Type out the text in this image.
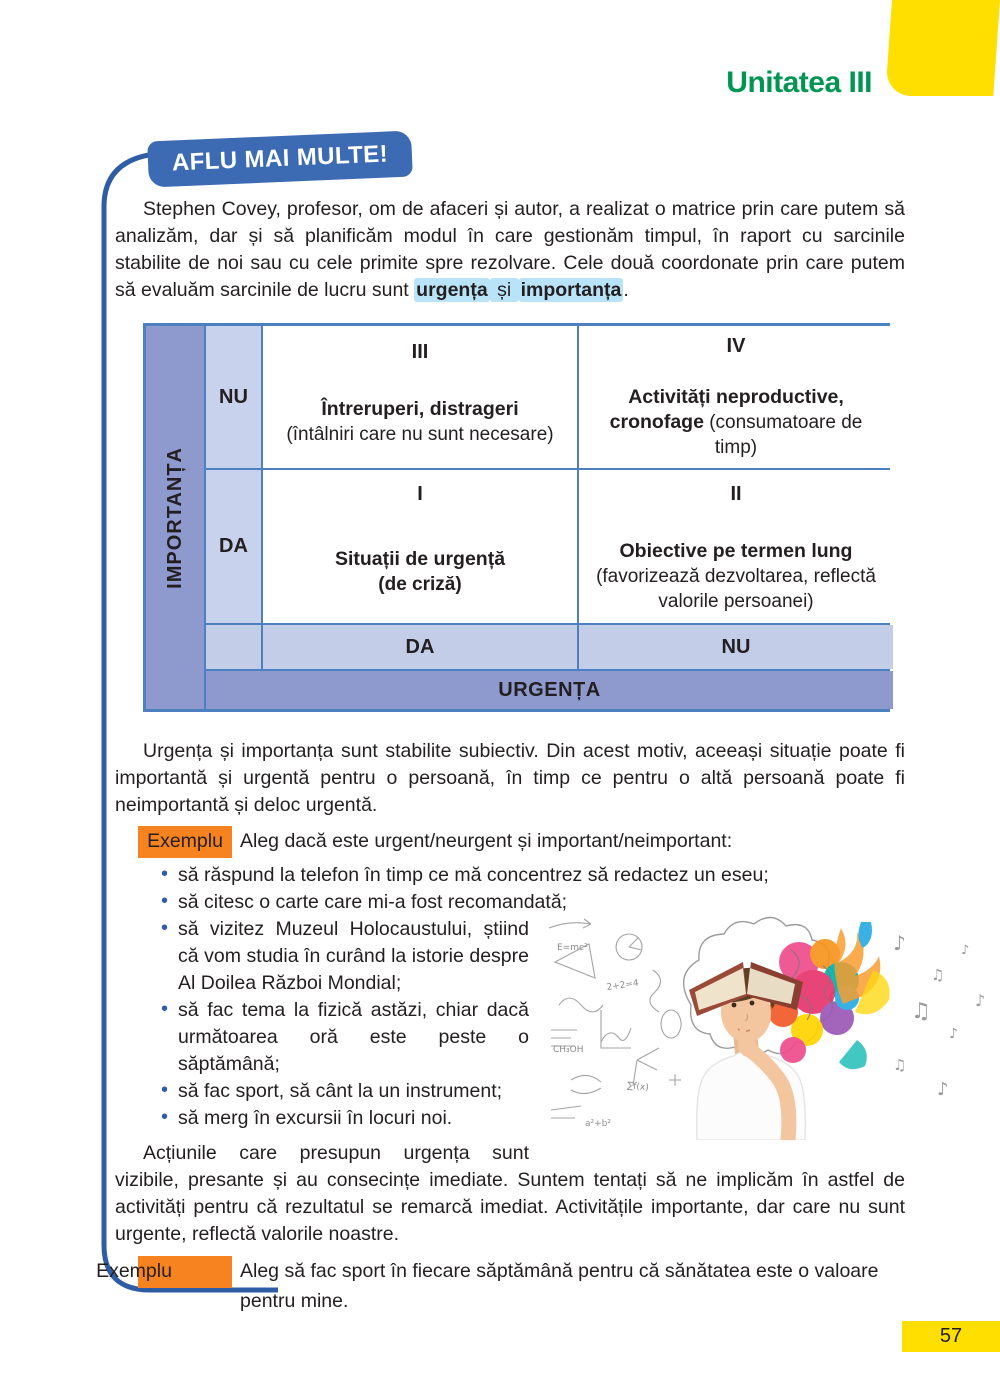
Unitatea III
AFLU MAI MULTE!

Stephen Covey, profesor, om de afaceri și autor, a realizat o matrice prin care putem să analizăm, dar și să planificăm modul în care gestionăm timpul, în raport cu sarcinile stabilite de noi sau cu cele primite spre rezolvare. Cele două coordonate prin care putem să evaluăm sarcinile de lucru sunt urgența și importanța .

IMPORTANȚA
NU
III
Întreruperi, distrageri
(întâlniri care nu sunt necesare)
IV
Activități neproductive, cronofage (consumatoare de timp)
DA
I
Situații de urgență
(de criză)
II
Obiective pe termen lung
(favorizează dezvoltarea, reflectă valorile persoanei)
DA	NU
URGENȚA

Urgența și importanța sunt stabilite subiectiv. Din acest motiv, aceeași situație poate fi importantă și urgentă pentru o persoană, în timp ce pentru o altă persoană poate fi neimportantă și deloc urgentă.

Exemplu Aleg dacă este urgent/neurgent și important/neimportant:

• să răspund la telefon în timp ce mă concentrez să redactez un eseu;
• să citesc o carte care mi-a fost recomandată;
E=mc²
2+2=4
CH₃OH
∑f(x)
a²+b²
♪
♫
♪
♫
♪
♪
♫
♪
• să vizitez Muzeul Holocaustului, știind că vom studia în curând la istorie despre Al Doilea Război Mondial;
• să fac tema la fizică astăzi, chiar dacă următoarea oră este peste o săptămână;
• să fac sport, să cânt la un instrument;
• să merg în excursii în locuri noi.

Acțiunile care presupun urgența sunt vizibile, presante și au consecințe imediate. Suntem tentați să ne implicăm în astfel de activități pentru că rezultatul se remarcă imediat. Activitățile importante, dar care nu sunt urgente, reflectă valorile noastre.

Exemplu	Aleg să fac sport în fiecare săptămână pentru că sănătatea este o valoare pentru mine.

57
